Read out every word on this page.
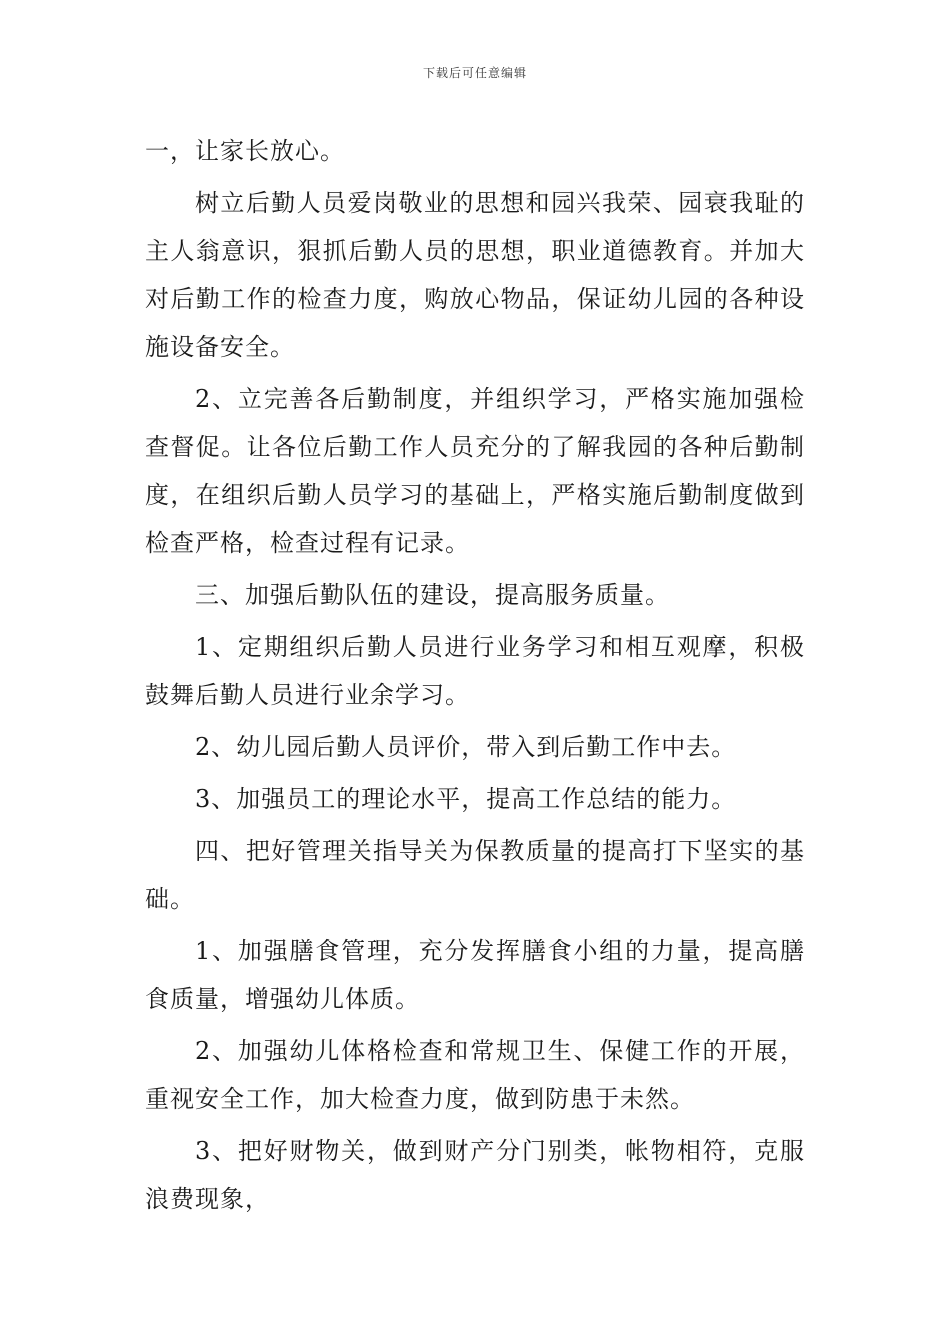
下载后可任意编辑

一，让家长放心。

树立后勤人员爱岗敬业的思想和园兴我荣、园衰我耻的主人翁意识，狠抓后勤人员的思想，职业道德教育。并加大对后勤工作的检查力度，购放心物品，保证幼儿园的各种设施设备安全。

2、立完善各后勤制度，并组织学习，严格实施加强检查督促。让各位后勤工作人员充分的了解我园的各种后勤制度，在组织后勤人员学习的基础上，严格实施后勤制度做到检查严格，检查过程有记录。

三、加强后勤队伍的建设，提高服务质量。

1、定期组织后勤人员进行业务学习和相互观摩，积极鼓舞后勤人员进行业余学习。

2、幼儿园后勤人员评价，带入到后勤工作中去。

3、加强员工的理论水平，提高工作总结的能力。

四、把好管理关指导关为保教质量的提高打下坚实的基础。

1、加强膳食管理，充分发挥膳食小组的力量，提高膳食质量，增强幼儿体质。

2、加强幼儿体格检查和常规卫生、保健工作的开展，重视安全工作，加大检查力度，做到防患于未然。

3、把好财物关，做到财产分门别类，帐物相符，克服浪费现象，
